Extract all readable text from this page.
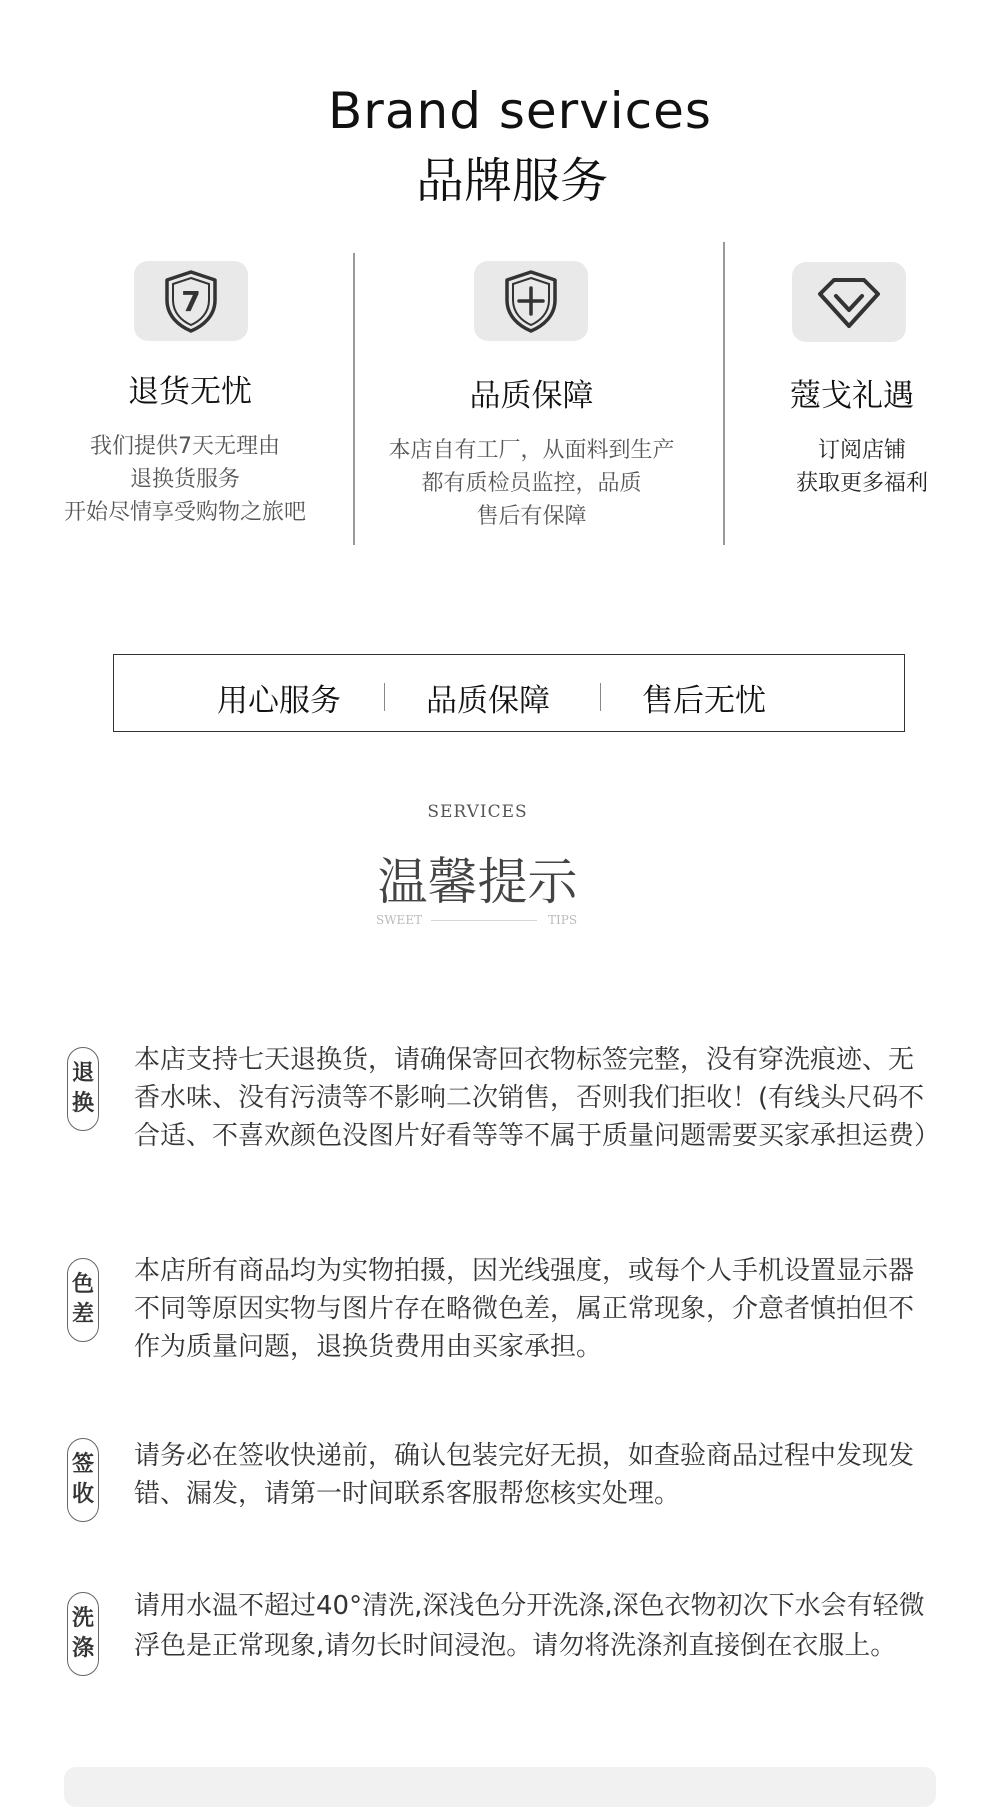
Brand services
品牌服务
7
退货无忧
我们提供7天无理由
退换货服务
开始尽情享受购物之旅吧
品质保障
本店自有工厂，从面料到生产
都有质检员监控，品质
售后有保障
蔻戈礼遇
订阅店铺
获取更多福利
用心服务	品质保障	售后无忧
SERVICES
温馨提示
SWEET	TIPS
退
换
本店支持七天退换货，请确保寄回衣物标签完整，没有穿洗痕迹、无香水味、没有污渍等不影响二次销售，否则我们拒收！(有线头尺码不合适、不喜欢颜色没图片好看等等不属于质量问题需要买家承担运费）
色
差
本店所有商品均为实物拍摄，因光线强度，或每个人手机设置显示器不同等原因实物与图片存在略微色差，属正常现象，介意者慎拍但不作为质量问题，退换货费用由买家承担。
签
收
请务必在签收快递前，确认包装完好无损，如查验商品过程中发现发错、漏发，请第一时间联系客服帮您核实处理。
洗
涤
请用水温不超过40°清洗,深浅色分开洗涤,深色衣物初次下水会有轻微浮色是正常现象,请勿长时间浸泡。请勿将洗涤剂直接倒在衣服上。
